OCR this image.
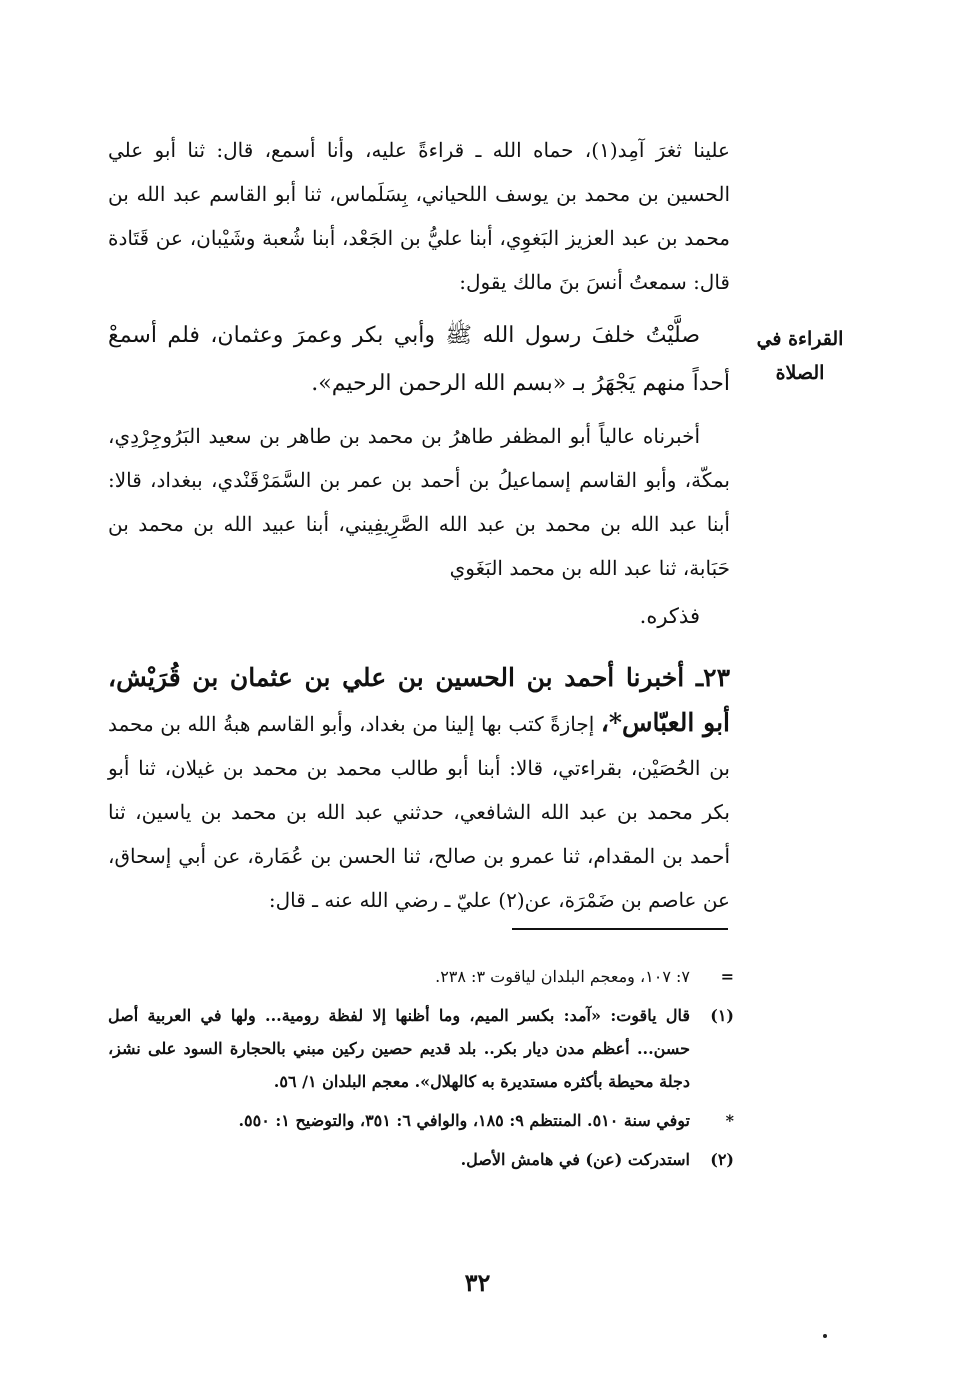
علينا ثغرَ آمِد(١)، حماه الله ـ قراءةً عليه، وأنا أسمع، قال: ثنا أبو علي الحسين بن محمد بن يوسف اللحياني، بِسَلَماس، ثنا أبو القاسم عبد الله بن محمد بن عبد العزيز البَغوِي، أبنا عليُّ بن الجَعْد، أبنا شُعبة وشَيْبان، عن قَتَادة قال: سمعتُ أنسَ بنَ مالك يقول:

صلَّيْتُ خلفَ رسول الله ﷺ وأبي بكر وعمرَ وعثمان، فلم أسمعْ أحداً منهم يَجْهَرُ بـ «بسم الله الرحمن الرحيم».

أخبرناه عالياً أبو المظفر طاهرُ بن محمد بن طاهر بن سعيد البَرُوجِرْدِي، بمكّة، وأبو القاسم إسماعيلُ بن أحمد بن عمر بن السَّمَرْقَنْدي، ببغداد، قالا: أبنا عبد الله بن محمد بن عبد الله الصَّرِيفِيني، أبنا عبيد الله بن محمد بن حَبَابة، ثنا عبد الله بن محمد البَغَوي

فذكره.

٢٣ـ أخبرنا أحمد بن الحسين بن علي بن عثمان بن قُرَيْش، أبو العبّاس*، إجازةً كتب بها إلينا من بغداد، وأبو القاسم هبةُ الله بن محمد بن الحُصَيْن، بقراءتي، قالا: أبنا أبو طالب محمد بن محمد بن غيلان، ثنا أبو بكر محمد بن عبد الله الشافعي، حدثني عبد الله بن محمد بن ياسين، ثنا أحمد بن المقدام، ثنا عمرو بن صالح، ثنا الحسن بن عُمَارة، عن أبي إسحاق، عن عاصم بن ضَمْرَة، عن(٢) عليّ ـ رضي الله عنه ـ قال:

القراءة في
الصلاة
=
٧: ١٠٧، ومعجم البلدان لياقوت ٣: ٢٣٨.
(١)
قال ياقوت: «آمد: بكسر الميم، وما أظنها إلا لفظة رومية... ولها في العربية أصل حسن... أعظم مدن ديار بكر.. بلد قديم حصين ركين مبني بالحجارة السود على نشز، دجلة محيطة بأكثره مستديرة به كالهلال». معجم البلدان ١/ ٥٦.
*
توفي سنة ٥١٠. المنتظم ٩: ١٨٥، والوافي ٦: ٣٥١، والتوضيح ١: ٥٥٠.
(٢)
استدركت (عن) في هامش الأصل.
٣٢
